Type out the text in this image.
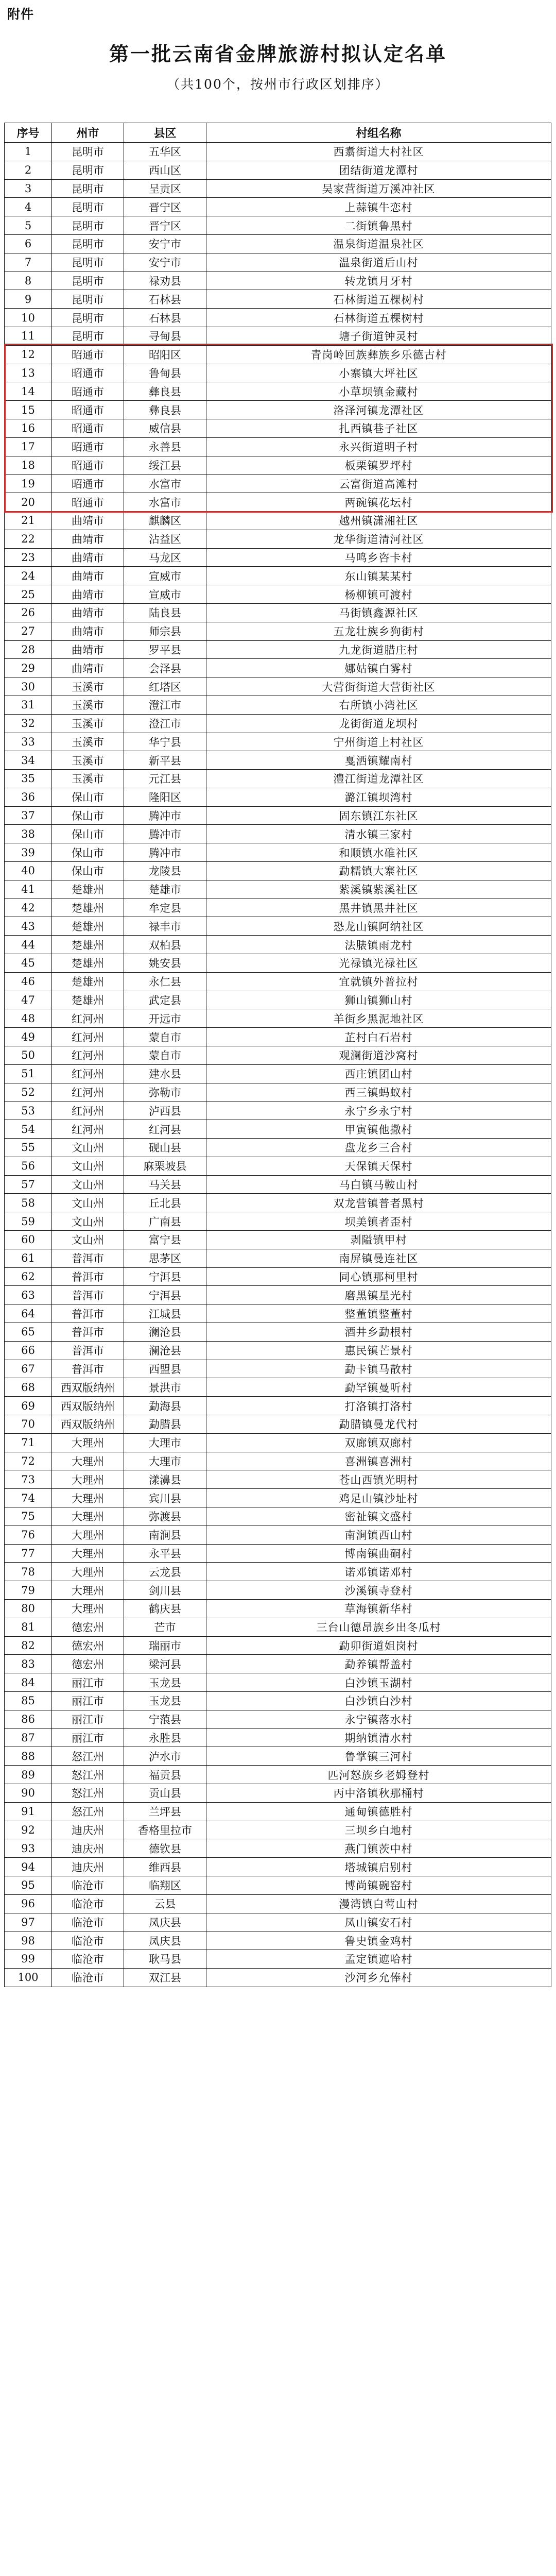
附件
第一批云南省金牌旅游村拟认定名单
（共100个，按州市行政区划排序）
序号	州市	县区	村组名称
1	昆明市	五华区	西翥街道大村社区
2	昆明市	西山区	团结街道龙潭村
3	昆明市	呈贡区	吴家营街道万溪冲社区
4	昆明市	晋宁区	上蒜镇牛恋村
5	昆明市	晋宁区	二街镇鲁黑村
6	昆明市	安宁市	温泉街道温泉社区
7	昆明市	安宁市	温泉街道后山村
8	昆明市	禄劝县	转龙镇月牙村
9	昆明市	石林县	石林街道五棵树村
10	昆明市	石林县	石林街道五棵树村
11	昆明市	寻甸县	塘子街道钟灵村
12	昭通市	昭阳区	青岗岭回族彝族乡乐德古村
13	昭通市	鲁甸县	小寨镇大坪社区
14	昭通市	彝良县	小草坝镇金藏村
15	昭通市	彝良县	洛泽河镇龙潭社区
16	昭通市	威信县	扎西镇巷子社区
17	昭通市	永善县	永兴街道明子村
18	昭通市	绥江县	板栗镇罗坪村
19	昭通市	水富市	云富街道高滩村
20	昭通市	水富市	两碗镇花坛村
21	曲靖市	麒麟区	越州镇潇湘社区
22	曲靖市	沾益区	龙华街道清河社区
23	曲靖市	马龙区	马鸣乡咨卡村
24	曲靖市	宣威市	东山镇某某村
25	曲靖市	宣威市	杨柳镇可渡村
26	曲靖市	陆良县	马街镇鑫源社区
27	曲靖市	师宗县	五龙壮族乡狗街村
28	曲靖市	罗平县	九龙街道腊庄村
29	曲靖市	会泽县	娜姑镇白雾村
30	玉溪市	红塔区	大营街街道大营街社区
31	玉溪市	澄江市	右所镇小湾社区
32	玉溪市	澄江市	龙街街道龙坝村
33	玉溪市	华宁县	宁州街道上村社区
34	玉溪市	新平县	戛洒镇耀南村
35	玉溪市	元江县	澧江街道龙潭社区
36	保山市	隆阳区	潞江镇坝湾村
37	保山市	腾冲市	固东镇江东社区
38	保山市	腾冲市	清水镇三家村
39	保山市	腾冲市	和顺镇水碓社区
40	保山市	龙陵县	勐糯镇大寨社区
41	楚雄州	楚雄市	紫溪镇紫溪社区
42	楚雄州	牟定县	黑井镇黑井社区
43	楚雄州	禄丰市	恐龙山镇阿纳社区
44	楚雄州	双柏县	法脿镇雨龙村
45	楚雄州	姚安县	光禄镇光禄社区
46	楚雄州	永仁县	宜就镇外普拉村
47	楚雄州	武定县	狮山镇狮山村
48	红河州	开远市	羊街乡黑泥地社区
49	红河州	蒙自市	芷村白石岩村
50	红河州	蒙自市	观澜街道沙窝村
51	红河州	建水县	西庄镇团山村
52	红河州	弥勒市	西三镇蚂蚁村
53	红河州	泸西县	永宁乡永宁村
54	红河州	红河县	甲寅镇他撒村
55	文山州	砚山县	盘龙乡三合村
56	文山州	麻栗坡县	天保镇天保村
57	文山州	马关县	马白镇马鞍山村
58	文山州	丘北县	双龙营镇普者黑村
59	文山州	广南县	坝美镇者歪村
60	文山州	富宁县	剥隘镇甲村
61	普洱市	思茅区	南屏镇曼连社区
62	普洱市	宁洱县	同心镇那柯里村
63	普洱市	宁洱县	磨黑镇星光村
64	普洱市	江城县	整董镇整董村
65	普洱市	澜沧县	酒井乡勐根村
66	普洱市	澜沧县	惠民镇芒景村
67	普洱市	西盟县	勐卡镇马散村
68	西双版纳州	景洪市	勐罕镇曼听村
69	西双版纳州	勐海县	打洛镇打洛村
70	西双版纳州	勐腊县	勐腊镇曼龙代村
71	大理州	大理市	双廊镇双廊村
72	大理州	大理市	喜洲镇喜洲村
73	大理州	漾濞县	苍山西镇光明村
74	大理州	宾川县	鸡足山镇沙址村
75	大理州	弥渡县	密祉镇文盛村
76	大理州	南涧县	南涧镇西山村
77	大理州	永平县	博南镇曲硐村
78	大理州	云龙县	诺邓镇诺邓村
79	大理州	剑川县	沙溪镇寺登村
80	大理州	鹤庆县	草海镇新华村
81	德宏州	芒市	三台山德昂族乡出冬瓜村
82	德宏州	瑞丽市	勐卯街道姐岗村
83	德宏州	梁河县	勐养镇帮盖村
84	丽江市	玉龙县	白沙镇玉湖村
85	丽江市	玉龙县	白沙镇白沙村
86	丽江市	宁蒗县	永宁镇落水村
87	丽江市	永胜县	期纳镇清水村
88	怒江州	泸水市	鲁掌镇三河村
89	怒江州	福贡县	匹河怒族乡老姆登村
90	怒江州	贡山县	丙中洛镇秋那桶村
91	怒江州	兰坪县	通甸镇德胜村
92	迪庆州	香格里拉市	三坝乡白地村
93	迪庆州	德钦县	燕门镇茨中村
94	迪庆州	维西县	塔城镇启别村
95	临沧市	临翔区	博尚镇碗窑村
96	临沧市	云县	漫湾镇白莺山村
97	临沧市	凤庆县	凤山镇安石村
98	临沧市	凤庆县	鲁史镇金鸡村
99	临沧市	耿马县	孟定镇遮哈村
100	临沧市	双江县	沙河乡允俸村
